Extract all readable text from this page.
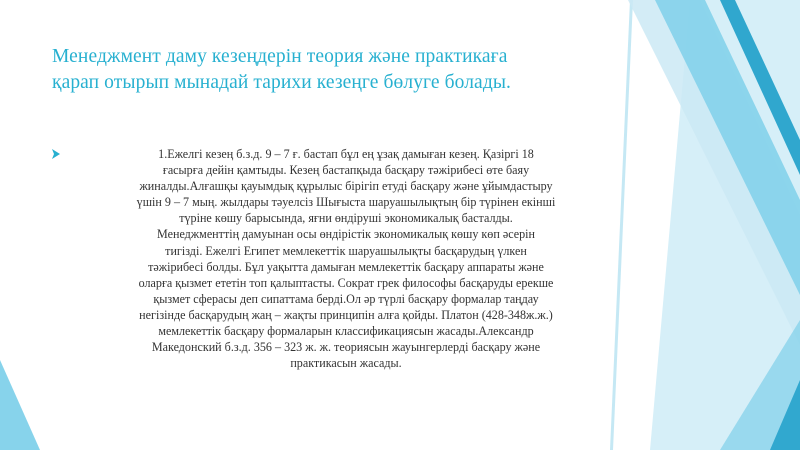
Менеджмент даму кезеңдерін теория және практикаға
қарап отырып мынадай тарихи кезеңге бөлуге болады.
1.Ежелгі кезең б.з.д. 9 – 7 ғ. бастап бұл ең ұзақ дамыған кезең. Қазіргі 18
ғасырға дейін қамтыды. Кезең бастапқыда басқару тәжірибесі өте баяу
жиналды.Алғашқы қауымдық құрылыс бірігіп етуді басқару және ұйымдастыру
үшін 9 – 7 мың. жылдары тәуелсіз Шығыста шаруашылықтың бір түрінен екінші
түріне көшу барысында, яғни өндіруші экономикалық басталды.
Менеджменттің дамуынан осы өндірістік экономикалық көшу көп әсерін
тигізді. Ежелгі Египет мемлекеттік шаруашылықты басқарудың үлкен
тәжірибесі болды. Бұл уақытта дамыған мемлекеттік басқару аппараты және
оларға қызмет ететін топ қалыптасты. Сократ грек философы басқаруды ерекше
қызмет сферасы деп сипаттама берді.Ол әр түрлі басқару формалар таңдау
негізінде басқарудың жаң – жақты принципін алға қойды. Платон (428-348ж.ж.)
мемлекеттік басқару формаларын классификациясын жасады.Александр
Македонский б.з.д. 356 – 323 ж. ж. теориясын жауынгерлерді басқару және
практикасын жасады.
